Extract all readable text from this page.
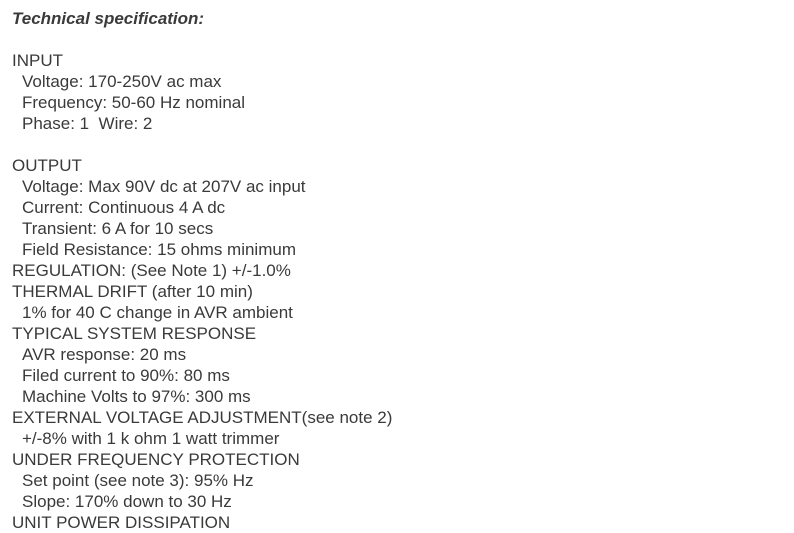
Technical specification:
INPUT
Voltage: 170-250V ac max
Frequency: 50-60 Hz nominal
Phase: 1  Wire: 2
OUTPUT
Voltage: Max 90V dc at 207V ac input
Current: Continuous 4 A dc
Transient: 6 A for 10 secs
Field Resistance: 15 ohms minimum
REGULATION: (See Note 1) +/-1.0%
THERMAL DRIFT (after 10 min)
1% for 40 C change in AVR ambient
TYPICAL SYSTEM RESPONSE
AVR response: 20 ms
Filed current to 90%: 80 ms
Machine Volts to 97%: 300 ms
EXTERNAL VOLTAGE ADJUSTMENT(see note 2)
+/-8% with 1 k ohm 1 watt trimmer
UNDER FREQUENCY PROTECTION
Set point (see note 3): 95% Hz
Slope: 170% down to 30 Hz
UNIT POWER DISSIPATION
